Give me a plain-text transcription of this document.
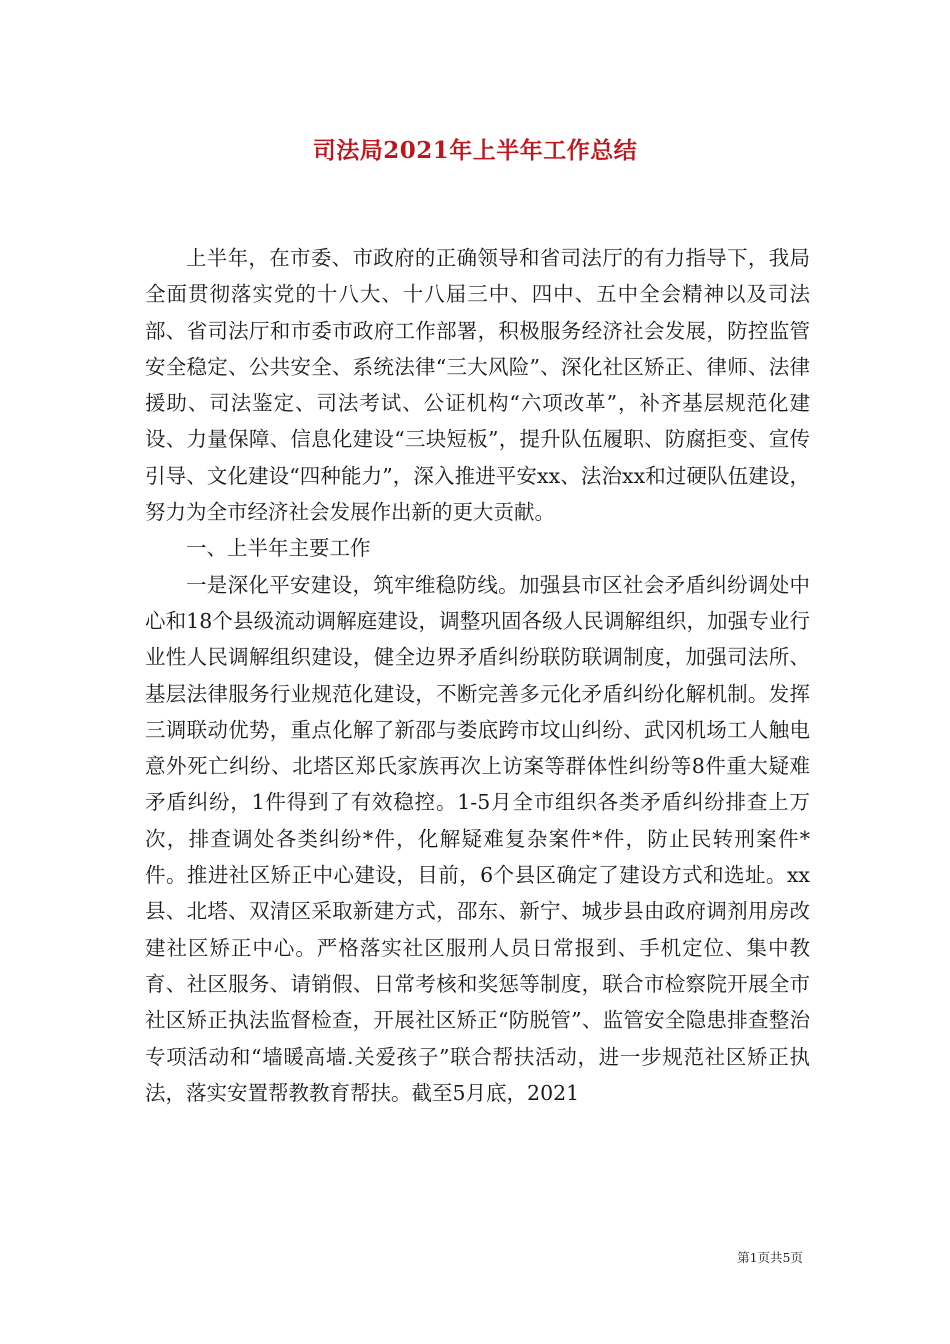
司法局2021年上半年工作总结

上半年，在市委、市政府的正确领导和省司法厅的有力指导下，我局全面贯彻落实党的十八大、十八届三中、四中、五中全会精神以及司法部、省司法厅和市委市政府工作部署，积极服务经济社会发展，防控监管安全稳定、公共安全、系统法律“三大风险”、深化社区矫正、律师、法律援助、司法鉴定、司法考试、公证机构“六项改革”，补齐基层规范化建设、力量保障、信息化建设“三块短板”，提升队伍履职、防腐拒变、宣传引导、文化建设“四种能力”，深入推进平安xx、法治xx和过硬队伍建设，努力为全市经济社会发展作出新的更大贡献。

一、上半年主要工作

一是深化平安建设，筑牢维稳防线。加强县市区社会矛盾纠纷调处中心和18个县级流动调解庭建设，调整巩固各级人民调解组织，加强专业行业性人民调解组织建设，健全边界矛盾纠纷联防联调制度，加强司法所、基层法律服务行业规范化建设，不断完善多元化矛盾纠纷化解机制。发挥三调联动优势，重点化解了新邵与娄底跨市坟山纠纷、武冈机场工人触电意外死亡纠纷、北塔区郑氏家族再次上访案等群体性纠纷等8件重大疑难矛盾纠纷，1件得到了有效稳控。1-5月全市组织各类矛盾纠纷排查上万次，排查调处各类纠纷*件，化解疑难复杂案件*件，防止民转刑案件*件。推进社区矫正中心建设，目前，6个县区确定了建设方式和选址。xx县、北塔、双清区采取新建方式，邵东、新宁、城步县由政府调剂用房改建社区矫正中心。严格落实社区服刑人员日常报到、手机定位、集中教育、社区服务、请销假、日常考核和奖惩等制度，联合市检察院开展全市社区矫正执法监督检查，开展社区矫正“防脱管”、监管安全隐患排查整治专项活动和“墙暖高墙.关爱孩子”联合帮扶活动，进一步规范社区矫正执法，落实安置帮教教育帮扶。截至5月底，2021

第1页共5页
